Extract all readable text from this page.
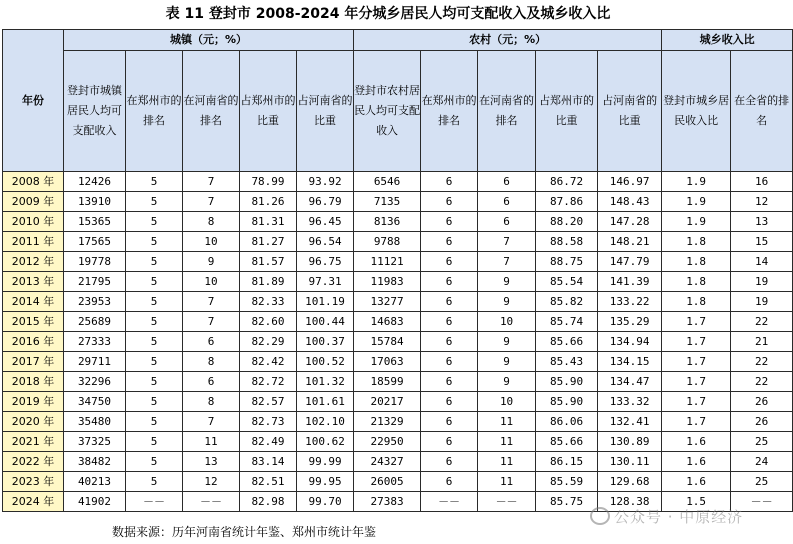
表 11 登封市 2008-2024 年分城乡居民人均可支配收入及城乡收入比
年份	城镇（元；%）					农村（元；%）					城乡收入比	
	登封市城镇居民人均可支配收入	在郑州市的排名	在河南省的排名	占郑州市的比重	占河南省的比重	登封市农村居民人均可支配收入	在郑州市的排名	在河南省的排名	占郑州市的比重	占河南省的比重	登封市城乡居民收入比	在全省的排名
2008 年	12426	5	7	78.99	93.92	6546	6	6	86.72	146.97	1.9	16
2009 年	13910	5	7	81.26	96.79	7135	6	6	87.86	148.43	1.9	12
2010 年	15365	5	8	81.31	96.45	8136	6	6	88.20	147.28	1.9	13
2011 年	17565	5	10	81.27	96.54	9788	6	7	88.58	148.21	1.8	15
2012 年	19778	5	9	81.57	96.75	11121	6	7	88.75	147.79	1.8	14
2013 年	21795	5	10	81.89	97.31	11983	6	9	85.54	141.39	1.8	19
2014 年	23953	5	7	82.33	101.19	13277	6	9	85.82	133.22	1.8	19
2015 年	25689	5	7	82.60	100.44	14683	6	10	85.74	135.29	1.7	22
2016 年	27333	5	6	82.29	100.37	15784	6	9	85.66	134.94	1.7	21
2017 年	29711	5	8	82.42	100.52	17063	6	9	85.43	134.15	1.7	22
2018 年	32296	5	6	82.72	101.32	18599	6	9	85.90	134.47	1.7	22
2019 年	34750	5	8	82.57	101.61	20217	6	10	85.90	133.32	1.7	26
2020 年	35480	5	7	82.73	102.10	21329	6	11	86.06	132.41	1.7	26
2021 年	37325	5	11	82.49	100.62	22950	6	11	85.66	130.89	1.6	25
2022 年	38482	5	13	83.14	99.99	24327	6	11	86.15	130.11	1.6	24
2023 年	40213	5	12	82.51	99.95	26005	6	11	85.59	129.68	1.6	25
2024 年	41902	－－	－－	82.98	99.70	27383	－－	－－	85.75	128.38	1.5	－－
数据来源：历年河南省统计年鉴、郑州市统计年鉴
公众号 · 中原经济
